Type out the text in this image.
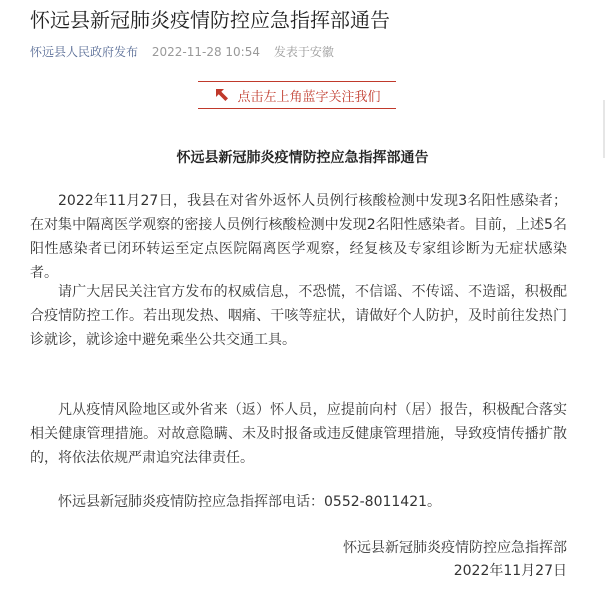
怀远县新冠肺炎疫情防控应急指挥部通告
怀远县人民政府发布 2022-11-28 10:54 发表于安徽
点击左上角蓝字关注我们
怀远县新冠肺炎疫情防控应急指挥部通告

2022年11月27日，我县在对省外返怀人员例行核酸检测中发现3名阳性感染者；在对集中隔离医学观察的密接人员例行核酸检测中发现2名阳性感染者。目前，上述5名阳性感染者已闭环转运至定点医院隔离医学观察，经复核及专家组诊断为无症状感染者。

请广大居民关注官方发布的权威信息，不恐慌，不信谣、不传谣、不造谣，积极配合疫情防控工作。若出现发热、咽痛、干咳等症状，请做好个人防护，及时前往发热门诊就诊，就诊途中避免乘坐公共交通工具。

凡从疫情风险地区或外省来（返）怀人员，应提前向村（居）报告，积极配合落实相关健康管理措施。对故意隐瞒、未及时报备或违反健康管理措施，导致疫情传播扩散的，将依法依规严肃追究法律责任。

怀远县新冠肺炎疫情防控应急指挥部电话：0552-8011421。

怀远县新冠肺炎疫情防控应急指挥部
2022年11月27日
